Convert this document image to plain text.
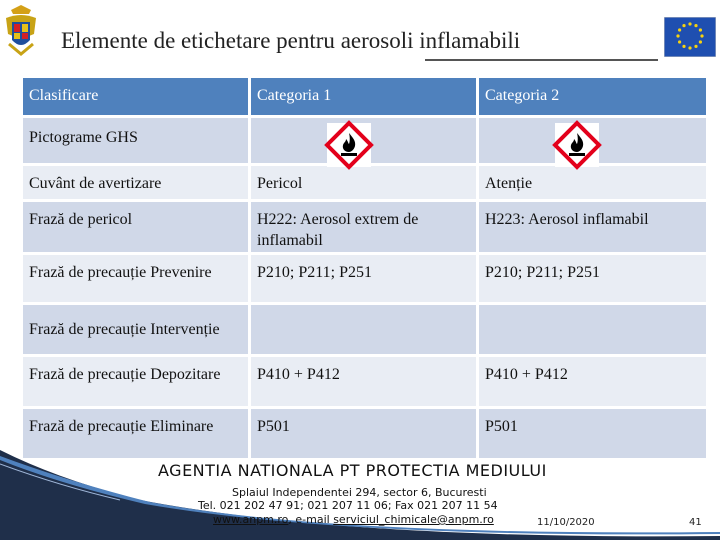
Elemente de etichetare pentru aerosoli inflamabili
Clasificare	Categoria 1	Categoria 2
Pictograme GHS	

Cuvânt de avertizare	Pericol	Atenție
Frază de pericol	H222: Aerosol extrem de inflamabil	H223: Aerosol inflamabil
Frază de precauție Prevenire	P210; P211; P251	P210; P211; P251
Frază de precauție Intervenție		
Frază de precauție Depozitare	P410 + P412	P410 + P412
Frază de precauție Eliminare	P501	P501
AGENTIA NATIONALA PT PROTECTIA MEDIULUI
Splaiul Independentei 294, sector 6, Bucuresti
Tel. 021 202 47 91; 021 207 11 06; Fax 021 207 11 54
www.anpm.ro, e-mail serviciul_chimicale@anpm.ro	11/10/2020	41
